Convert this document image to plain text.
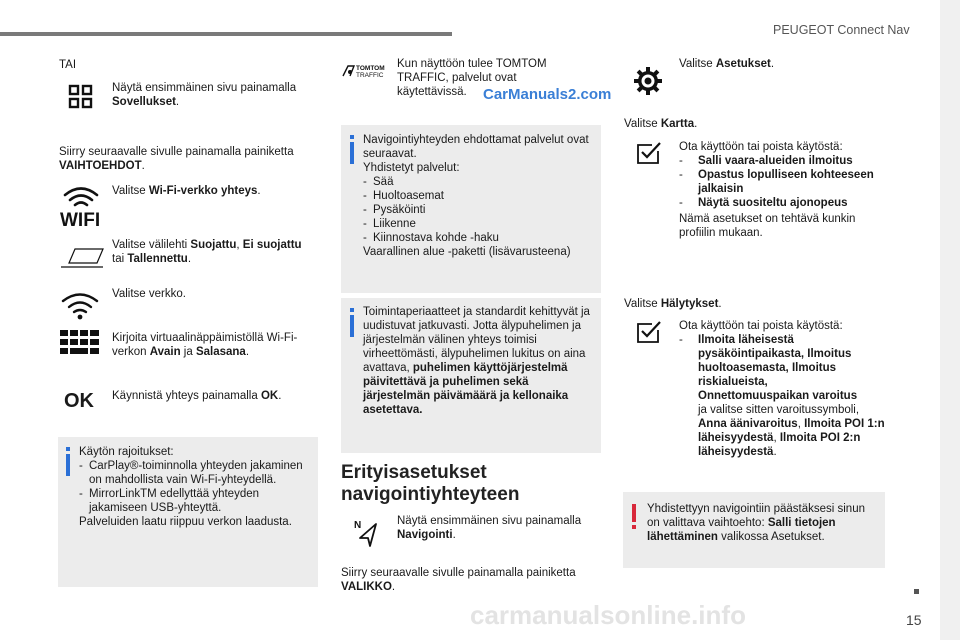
PEUGEOT Connect Nav
15
TAI
Näytä ensimmäinen sivu painamalla Sovellukset.
Siirry seuraavalle sivulle painamalla painiketta VAIHTOEHDOT.
WIFI
Valitse Wi-Fi-verkko yhteys.
Valitse välilehti Suojattu, Ei suojattu tai Tallennettu.
Valitse verkko.
Kirjoita virtuaalinäppäimistöllä Wi-Fi-verkon Avain ja Salasana.
OK Käynnistä yhteys painamalla OK.
Käytön rajoitukset:
- CarPlay®-toiminnolla yhteyden jakaminen on mahdollista vain Wi-Fi-yhteydellä.
- MirrorLinkTM edellyttää yhteyden jakamiseen USB-yhteyttä.
Palveluiden laatu riippuu verkon laadusta.
TOMTOM
TRAFFIC
Kun näyttöön tulee TOMTOM TRAFFIC, palvelut ovat käytettävissä.	CarManuals2.com
Navigointiyhteyden ehdottamat palvelut ovat seuraavat.
Yhdistetyt palvelut:
- Sää
- Huoltoasemat
- Pysäköinti
- Liikenne
- Kiinnostava kohde -haku
Vaarallinen alue -paketti (lisävarusteena)
Toimintaperiaatteet ja standardit kehittyvät ja uudistuvat jatkuvasti. Jotta älypuhelimen ja järjestelmän välinen yhteys toimisi virheettömästi, älypuhelimen lukitus on aina avattava, puhelimen käyttöjärjestelmä päivitettävä ja puhelimen sekä järjestelmän päivämäärä ja kellonaika asetettava.
Erityisasetukset
navigointiyhteyteen
N	Näytä ensimmäinen sivu painamalla Navigointi.
Siirry seuraavalle sivulle painamalla painiketta VALIKKO.
Valitse Asetukset.
Valitse Kartta.
Ota käyttöön tai poista käytöstä:
-	Salli vaara-alueiden ilmoitus
-	Opastus lopulliseen kohteeseen jalkaisin
-	Näytä suositeltu ajonopeus
Nämä asetukset on tehtävä kunkin profiilin mukaan.
Valitse Hälytykset.
Ota käyttöön tai poista käytöstä:
-	Ilmoita läheisestä pysäköintipaikasta, Ilmoitus huoltoasemasta, Ilmoitus riskialueista, Onnettomuuspaikan varoitus
ja valitse sitten varoitussymboli, Anna äänivaroitus, Ilmoita POI 1:n läheisyydestä, Ilmoita POI 2:n läheisyydestä.
Yhdistettyyn navigointiin päästäksesi sinun on valittava vaihtoehto: Salli tietojen lähettäminen valikossa Asetukset.
carmanualsonline.info
